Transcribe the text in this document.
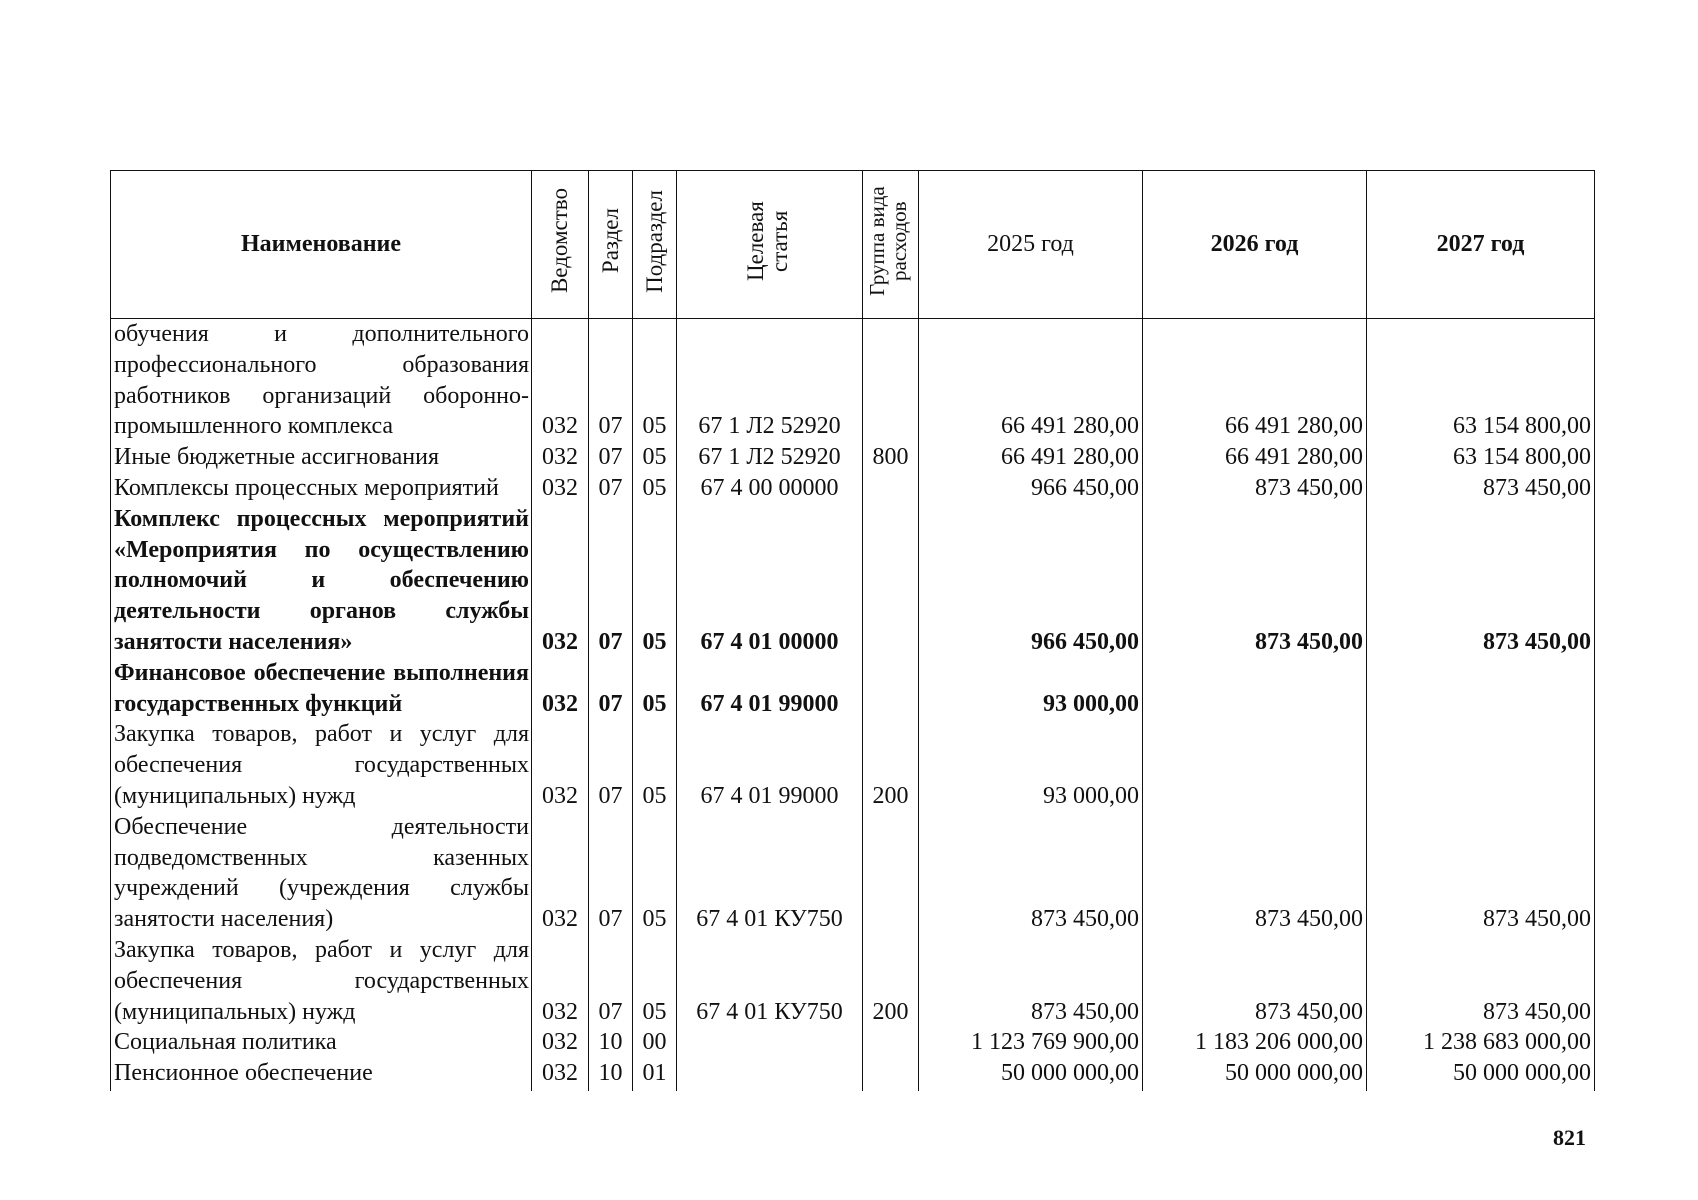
Наименование	Ведомство	Раздел	Подраздел	Целевая статья	Группа вида расходов	2025 год	2026 год	2027 год
обучения и дополнительного профессионального образования работников организаций оборонно-промышленного комплекса	032	07	05	67 1 Л2 52920		66 491 280,00	66 491 280,00	63 154 800,00
Иные бюджетные ассигнования	032	07	05	67 1 Л2 52920	800	66 491 280,00	66 491 280,00	63 154 800,00
Комплексы процессных мероприятий	032	07	05	67 4 00 00000		966 450,00	873 450,00	873 450,00
Комплекс процессных мероприятий «Мероприятия по осуществлению полномочий и обеспечению деятельности органов службы занятости населения»	032	07	05	67 4 01 00000		966 450,00	873 450,00	873 450,00
Финансовое обеспечение выполнения государственных функций	032	07	05	67 4 01 99000		93 000,00		
Закупка товаров, работ и услуг для обеспечения государственных (муниципальных) нужд	032	07	05	67 4 01 99000	200	93 000,00		
Обеспечение деятельности подведомственных казенных учреждений (учреждения службы занятости населения)	032	07	05	67 4 01 КУ750		873 450,00	873 450,00	873 450,00
Закупка товаров, работ и услуг для обеспечения государственных (муниципальных) нужд	032	07	05	67 4 01 КУ750	200	873 450,00	873 450,00	873 450,00
Социальная политика	032	10	00			1 123 769 900,00	1 183 206 000,00	1 238 683 000,00
Пенсионное обеспечение	032	10	01			50 000 000,00	50 000 000,00	50 000 000,00
821
